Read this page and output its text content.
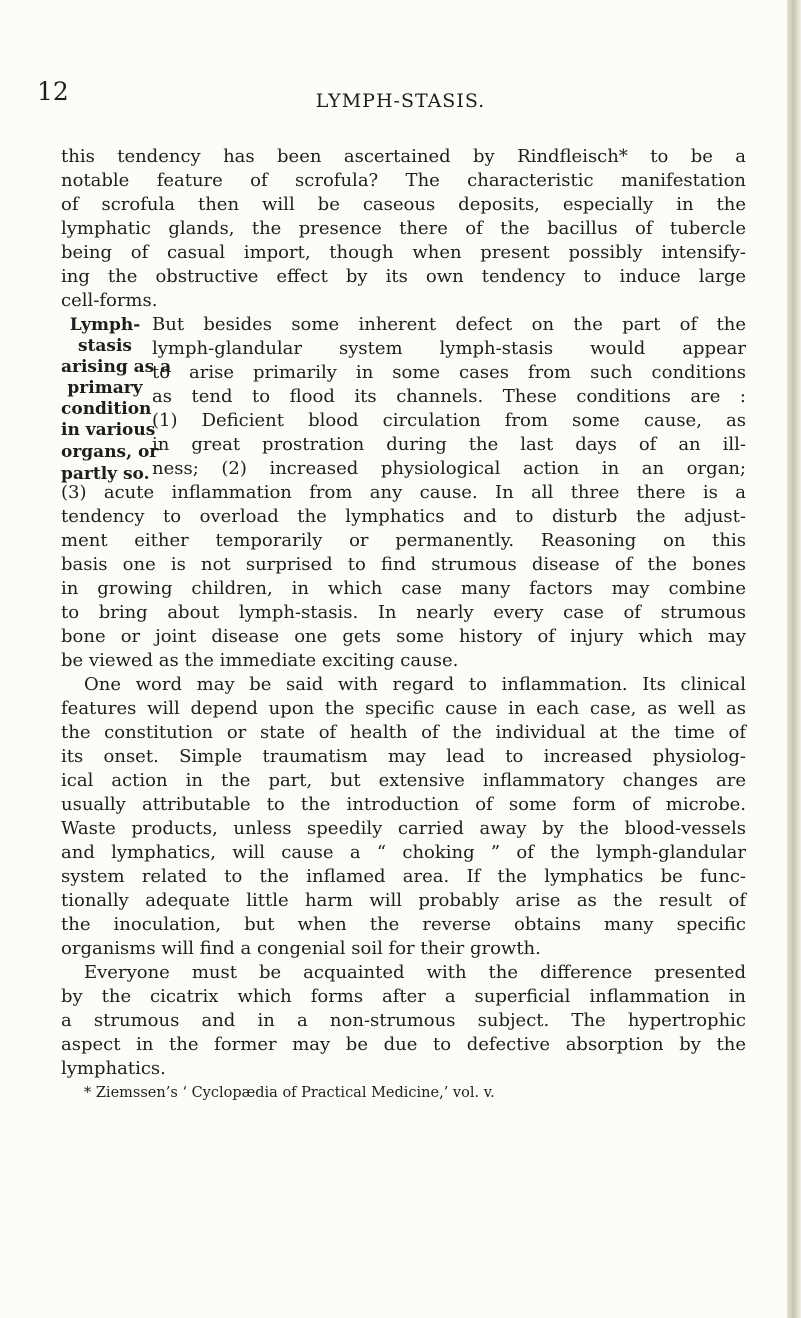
12	LYMPH-STASIS.

this tendency has been ascertained by Rindfleisch* to be a

notable feature of scrofula? The characteristic manifestation

of scrofula then will be caseous deposits, especially in the

lymphatic glands, the presence there of the bacillus of tubercle

being of casual import, though when present possibly intensify-

ing the obstructive effect by its own tendency to induce large

cell-forms.

Lymph-

stasis

arising as a

primary

condition

in various

organs, or

partly so.

But besides some inherent defect on the part of the

lymph-glandular system lymph-stasis would appear

to arise primarily in some cases from such conditions

as tend to flood its channels. These conditions are :

(1) Deficient blood circulation from some cause, as

in great prostration during the last days of an ill-

ness; (2) increased physiological action in an organ;

(3) acute inflammation from any cause. In all three there is a

tendency to overload the lymphatics and to disturb the adjust-

ment either temporarily or permanently. Reasoning on this

basis one is not surprised to find strumous disease of the bones

in growing children, in which case many factors may combine

to bring about lymph-stasis. In nearly every case of strumous

bone or joint disease one gets some history of injury which may

be viewed as the immediate exciting cause.

One word may be said with regard to inflammation. Its clinical

features will depend upon the specific cause in each case, as well as

the constitution or state of health of the individual at the time of

its onset. Simple traumatism may lead to increased physiolog-

ical action in the part, but extensive inflammatory changes are

usually attributable to the introduction of some form of microbe.

Waste products, unless speedily carried away by the blood-vessels

and lymphatics, will cause a “ choking ” of the lymph-glandular

system related to the inflamed area. If the lymphatics be func-

tionally adequate little harm will probably arise as the result of

the inoculation, but when the reverse obtains many specific

organisms will find a congenial soil for their growth.

Everyone must be acquainted with the difference presented

by the cicatrix which forms after a superficial inflammation in

a strumous and in a non-strumous subject. The hypertrophic

aspect in the former may be due to defective absorption by the

lymphatics.

* Ziemssen’s ‘ Cyclopædia of Practical Medicine,’ vol. v.
